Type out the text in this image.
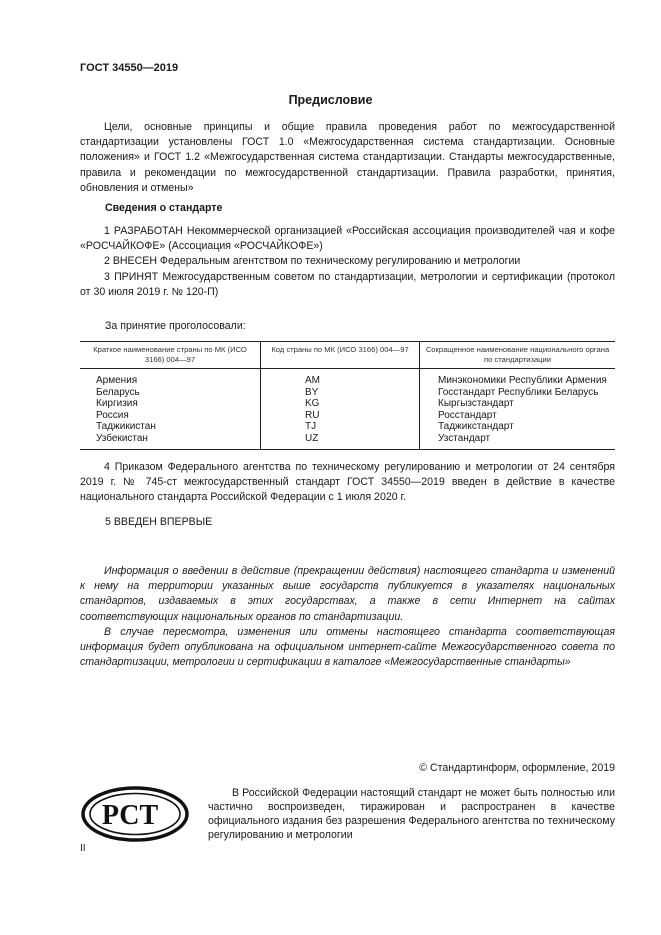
ГОСТ 34550—2019
Предисловие

Цели, основные принципы и общие правила проведения работ по межгосударственной стандартизации установлены ГОСТ 1.0 «Межгосударственная система стандартизации. Основные положения» и ГОСТ 1.2 «Межгосударственная система стандартизации. Стандарты межгосударственные, правила и рекомендации по межгосударственной стандартизации. Правила разработки, принятия, обновления и отмены»

Сведения о стандарте

1 РАЗРАБОТАН Некоммерческой организацией «Российская ассоциация производителей чая и кофе «РОСЧАЙКОФЕ» (Ассоциация «РОСЧАЙКОФЕ»)

2 ВНЕСЕН Федеральным агентством по техническому регулированию и метрологии

3 ПРИНЯТ Межгосударственным советом по стандартизации, метрологии и сертификации (протокол от 30 июля 2019 г. № 120-П)

За принятие проголосовали:
Краткое наименование страны по МК (ИСО 3166) 004—97	Код страны по МК (ИСО 3166) 004—97	Сокращенное наименование национального органа по стандартизации
Армения	AM	Минэкономики Республики Армения
Беларусь	BY	Госстандарт Республики Беларусь
Киргизия	KG	Кыргызстандарт
Россия	RU	Росстандарт
Таджикистан	TJ	Таджикстандарт
Узбекистан	UZ	Узстандарт

4 Приказом Федерального агентства по техническому регулированию и метрологии от 24 сентября 2019 г. № 745-ст межгосударственный стандарт ГОСТ 34550—2019 введен в действие в качестве национального стандарта Российской Федерации с 1 июля 2020 г.

5 ВВЕДЕН ВПЕРВЫЕ

Информация о введении в действие (прекращении действия) настоящего стандарта и изменений к нему на территории указанных выше государств публикуется в указателях национальных стандартов, издаваемых в этих государствах, а также в сети Интернет на сайтах соответствующих национальных органов по стандартизации.

В случае пересмотра, изменения или отмены настоящего стандарта соответствующая информация будет опубликована на официальном интернет-сайте Межгосударственного совета по стандартизации, метрологии и сертификации в каталоге «Межгосударственные стандарты»

© Стандартинформ, оформление, 2019
РСТ

В Российской Федерации настоящий стандарт не может быть полностью или частично воспроизведен, тиражирован и распространен в качестве официального издания без разрешения Федерального агентства по техническому регулированию и метрологии

II
